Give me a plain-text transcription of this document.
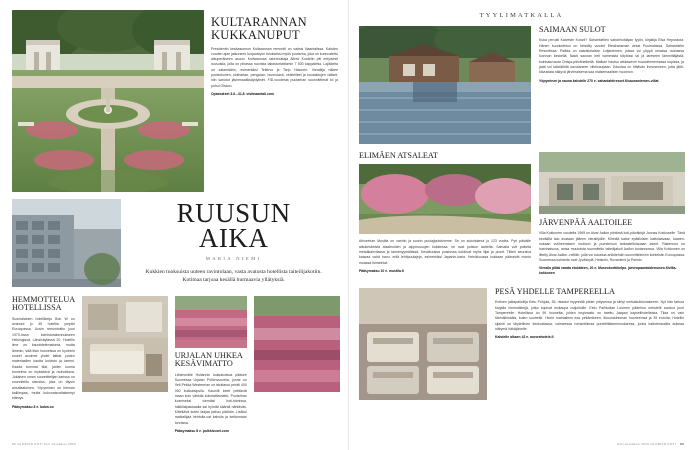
KULTARANNAN KUKKANUPUT
Presidentin kesäasunnon Kultarannan remontti on valmis Naantalissa. Kahden vuoden ajan jatkuneen korjaustyön tulokseksi myös puutarha, joka on kunnostettu alkuperäiseen asuun. Kultarannan rakennuttaja Alfred Kordelin piti erityisesti ruusuista, joita on pihassa nuorista lakastumattomin 7 500 kappaletta. Lajikkeita on satamäärin, esimerkiksi Tellervo ja Tarjo Halonen. Vierailija näkee puutarhurien, sinihartan, pengolan, hunnutasti, veistelleet ja kuusiaitojen väliset, niin sanotut jäsinmaatikkäydykset. FID-vuodesta puutarhan suunnitelmat loi ja puhui Olsson.
Opastukset 3.6.–31.8. visitnaantali.com
RUUSUN
AIKA
MARIA NIEMI
Kukkien tuoksuista uuteen ravintolaan, vasta avatusta hotellista taiteilijakotiin. Kotimaa tarjoaa kesällä hurmaavia yllätyksiä.
HEMMOTTELUA HOTELLISSA
Suomalainen hotelliketju Bob W on avannut jo 45 hotellia ympäri Euroopassa. Uusin remontoitiin juuri 1970-luvun toimistorakennukseen Helsingissä, Länsiväylässä 20. Hotellin ilme on kaunistelematonta, mutta lämmin, sillä tilan huoneissa on hyvinkin suuret avoimet yhdet lattiat, joiden materiaalien kautta koivisto ja tammi. Kaada tummat tilat, joiden luoma tunnelma on mykistävä ja rauhoittava. Jokaisen oman suunnittelijan kanssa on suunniteltu sisustus, joka on täysin ainutlaatuinen. Yöpyminen on hieman kalliimpaa, mutta kokonaisvaltaisempi elämys.
Pääsymaksu 8 e. bobw.co
URJALAN UHKEA KESÄVIMATTO
Lähimmälle Hollannin kukkaloistoa pääsee Suomessa Urjalan Pöllönvuorella, jonne on Veli-Pekka Westerman on istuttanut peräti 400 000 kukkaisipulla. Kauniilt keeit peittävät maan kuin värikäs kokolattiamatto. Puutarhan luomiseksi viemiäsi koti-tuimissa, häkkilaipakkaalla sai hyödät sääntä nähtäväs. Kiitettävä kuten laajaa jatkuu päähän. Lisäksi matkailijaa hehtulla-vat kahvila ja keittomaan tonnissa.
Pääsymaksu 8 e. polkkivuori.com
82 GLORIAN KOTI Koti-heinäkuu 2019
TYYLIMATKALLA
SAIMAAN SULOT
Kuka perusti Kaiveste Konzil? Saharistellen saharihotilajan tyylin, kirjailija Elsa Heporauta. Hänen kunnioitetun on himoitty vuodet Etealransman virkat Puumalassa, Saharistelin Resorttissa. Paikka on saaristolaisen Lotjaniemen, joissa voi yöpyä omassa rauhassa luonnon keskellä. Nauti saunan heti vaimmista tölytössi tai ja lareseen lämmittäjästä, kuinnatuvauta Ontsja-päivähetkellä. Matkan hautsu arkkasevin muotoilememassa kupissa, ja jatat voi käärätöitä savotaneen viihtivaupaan. Edustaa on riittävän ihmoseneen, jotta jätiti-kävustala näkyvä järvimaisema saa maisemaalisen huomion.
Yöpyminen ja sauna kahdelle 270 e. sahanlahtiresort.fi/saunaniemen-villat
ELIMÄEN ATSALEAT
Arboretum Mustila on vanhin ja suurin puulajipuistomme. Se on sukoistanut jo 123 vuotta. Pyri päiväile alkukeskeistä atsaleoiden ja alppiruusujen kukkiessa, ne ovat puiston aarteita. Samalla voit poiketa metsäkahvilassa ja taimimyymälässä. Kesäkuussa puistossa kukkivat myös liljat ja pionit. Tiliteri seuraiva kaavaa vahä havu: erilä lehtipuulajeja, esimerkiksi Japanin-karla. Heinäkuussa kukkaan pääsevät monin muassa tsimeiniat.
Pääsymaksu 10 e. mustila.fi
JÄRVENPÄÄ AALTOILEE
Villa Kokkonen vuodelta 1969 on Alvar Aallon piirtämä koti-päiväkirjä Joonas Kokkoselle. Tänä keväällä talo avataan jälleen vierailijoille. Kiinnitä katse epätiloisen kattolaavaan, kaaren-nukaan vuilheenaisen mutioon ja puesteloun tarkasteltulauaan asent. Rakennus on harvinaisuus, anisa muutoista suunniteltu taiteilijakoti Aallon tuotannossa. Villa Kokkonen on litteity Alvar Aallon -reitillin, jolla voi tutustua arkkitehdin suunnittelemiin kohteisiin Euroopassa. Suomessa kohdeita ovat Jyväskylä, Helsinki, Rovaniemi ja Paimio.
Vierailu pitää varata etukäteen, 20 e. Museokorttikelpo. jarvenpaantaidemuseo.fi/villa-kokkonen
PESÄ YHDELLE TAMPEREELLA
Entinen jalkapalloilija Eetu Pohjola, 35, rikastui myynnillä pieter yritysensa ja siirtyi metsäsukkiorakeeen. Nyt hän tarkoa karjalla hirsimökkejä, jotka sopivat esikaupa majoituille. Eetu Paihkoilan Loumen päänhuu nehutelit auokoz juuri Tampereelle. Hotellissa on 99 huonetta, joiden inspiraatio on haettu Jaapan kapselihotelleista. Tilaa on vain täsmällimääis, kuten suotrelle. Hiorin mahtailens eas pekämikeen, tikoorakinnman huoneemsa ja 39 euroita, Hotellin sijainti on täydellinen keskustassa, vaimeessa romantiikesa puneitiitälseenmukaresa, jonka kattoterassilta aukeaa näkymä häkäjöivelle.
Kahdelle alkaen 42 e. aurorahotels.fi
Koti-heinäkuu 2019 GLORIAN KOTI 83
